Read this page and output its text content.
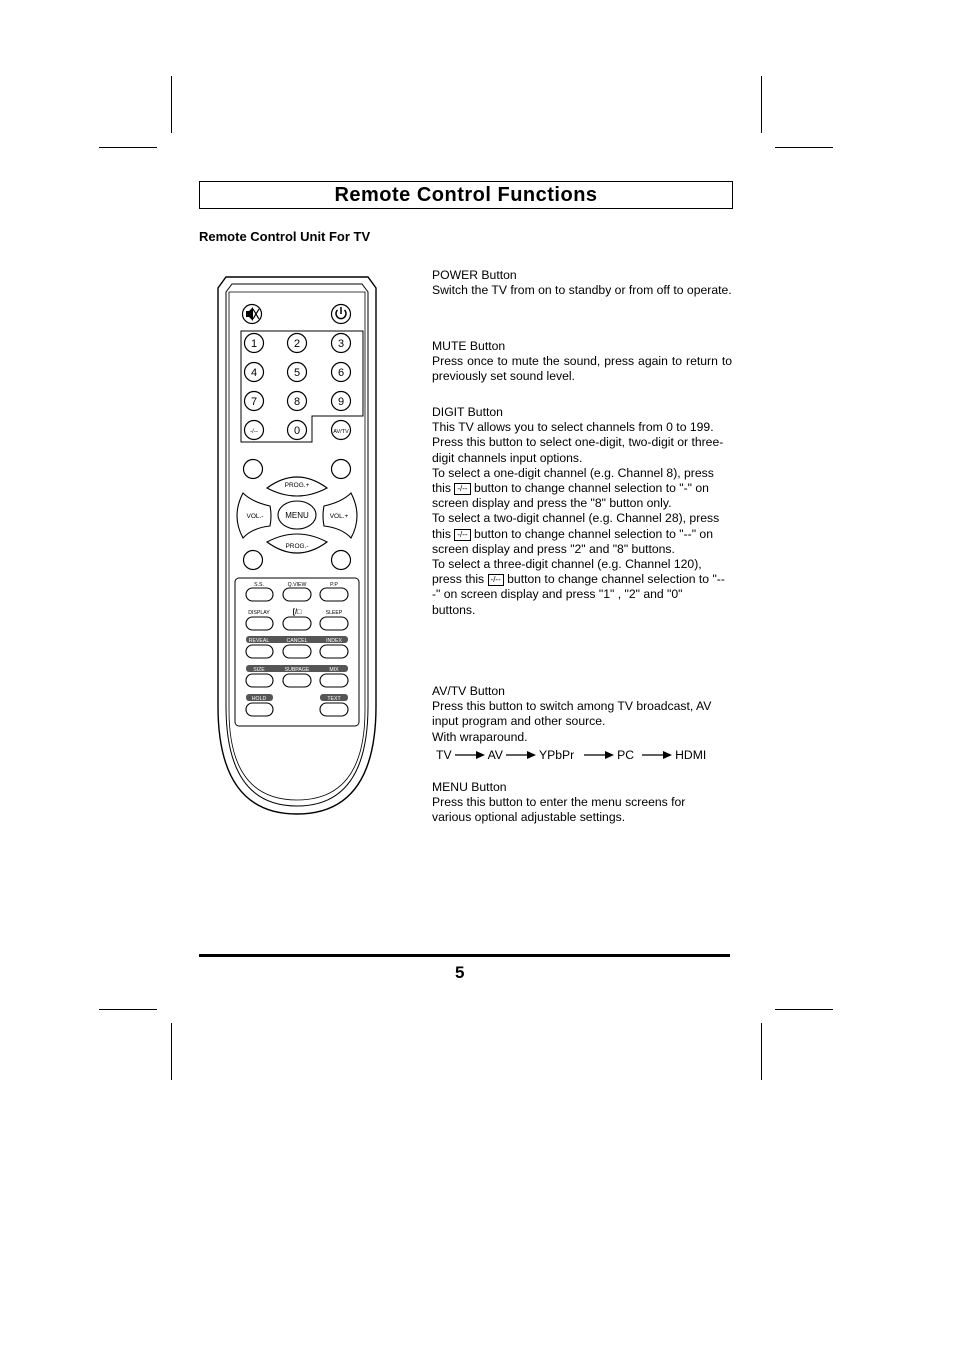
Remote Control Functions

Remote Control Unit For TV

1	2	3
4	5	6
7	8	9
-/--	0	AV/TV
PROG.+
PROG.-
VOL.-	VOL.+
MENU
S.S.	Q.VIEW	P.P
DISPLAY	[/□	SLEEP
REVEAL	CANCEL	INDEX
SIZE	SUBPAGE	MIX
HOLD	TEXT

POWER Button

Switch the TV from on to standby or from off to operate.

MUTE Button

Press once to mute the sound, press again to return to previously set sound level.

DIGIT Button

This TV allows you to select channels from 0 to 199.

Press this button to select one-digit, two-digit or three-digit channels input options.

To select a one-digit channel (e.g. Channel 8), press this -/-- button to change channel selection to "-" on screen display and press the "8" button only.

To select a two-digit channel (e.g. Channel 28), press this -/-- button to change channel selection to "--" on screen display and press "2" and "8" buttons.

To select a three-digit channel (e.g. Channel 120), press this -/-- button to change channel selection to "---" on screen display and press "1" , "2" and "0" buttons.

AV/TV Button

Press this button to switch among TV broadcast, AV input program and other source.

With wraparound.

TV	AV	YPbPr	PC	HDMI

MENU Button

Press this button to enter the menu screens for various optional adjustable settings.

5
